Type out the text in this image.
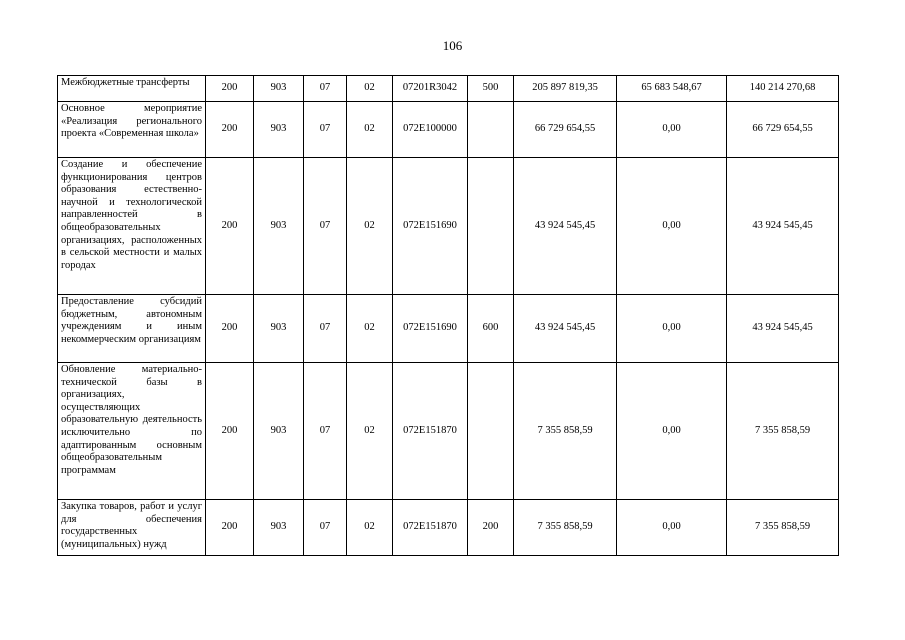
106
Межбюджетные трансферты	200	903	07	02	07201R3042	500	205 897 819,35	65 683 548,67	140 214 270,68
Основное мероприятие «Реализация регионального проекта «Современная школа»	200	903	07	02	072E100000		66 729 654,55	0,00	66 729 654,55
Создание и обеспечение функционирования центров образования естественно-научной и технологической направленностей в общеобразовательных организациях, расположенных в сельской местности и малых городах	200	903	07	02	072E151690		43 924 545,45	0,00	43 924 545,45
Предоставление субсидий бюджетным, автономным учреждениям и иным некоммерческим организациям	200	903	07	02	072E151690	600	43 924 545,45	0,00	43 924 545,45
Обновление материально-технической базы в организациях, осуществляющих образовательную деятельность исключительно по адаптированным основным общеобразовательным программам	200	903	07	02	072E151870		7 355 858,59	0,00	7 355 858,59
Закупка товаров, работ и услуг для обеспечения государственных (муниципальных) нужд	200	903	07	02	072E151870	200	7 355 858,59	0,00	7 355 858,59
